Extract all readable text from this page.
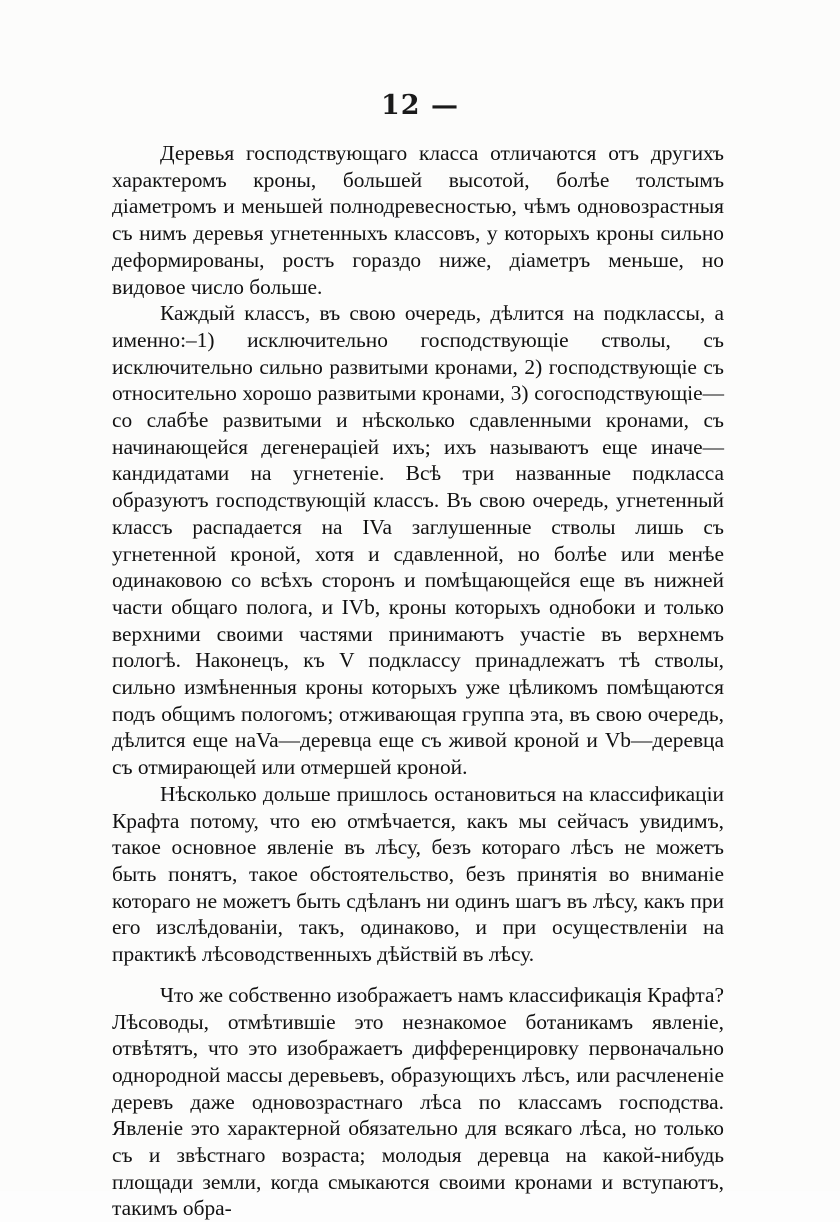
12 —

Деревья господствующаго класса отличаются отъ другихъ характеромъ кроны, большей высотой, болѣе толстымъ діаметромъ и меньшей полнодревесностью, чѣмъ одновозрастныя съ нимъ деревья угнетенныхъ классовъ, у которыхъ кроны сильно деформированы, ростъ гораздо ниже, діаметръ меньше, но видовое число больше.

Каждый классъ, въ свою очередь, дѣлится на подклассы, а именно:–1) исключительно господствующіе стволы, съ исключительно сильно развитыми кронами, 2) господствующіе съ относительно хорошо развитыми кронами, 3) согосподствующіе—со слабѣе развитыми и нѣсколько сдавленными кронами, съ начинающейся дегенераціей ихъ; ихъ называютъ еще иначе—кандидатами на угнетеніе. Всѣ три названные подкласса образуютъ господствующій классъ. Въ свою очередь, угнетенный классъ распадается на IVa заглушенные стволы лишь съ угнетенной кроной, хотя и сдавленной, но болѣе или менѣе одинаковою со всѣхъ сторонъ и помѣщающейся еще въ нижней части общаго полога, и IVb, кроны которыхъ однобоки и только верхними своими частями принимаютъ участіе въ верхнемъ пологѣ. Наконецъ, къ V подклассу принадлежатъ тѣ стволы, сильно измѣненныя кроны которыхъ уже цѣликомъ помѣщаются подъ общимъ пологомъ; отживающая группа эта, въ свою очередь, дѣлится еще наVa—деревца еще съ живой кроной и Vb—деревца съ отмирающей или отмершей кроной.

Нѣсколько дольше пришлось остановиться на классификаціи Крафта потому, что ею отмѣчается, какъ мы сейчасъ увидимъ, такое основное явленіе въ лѣсу, безъ котораго лѣсъ не можетъ быть понятъ, такое обстоятельство, безъ принятія во вниманіе котораго не можетъ быть сдѣланъ ни одинъ шагъ въ лѣсу, какъ при его изслѣдованіи, такъ, одинаково, и при осуществленіи на практикѣ лѣсоводственныхъ дѣйствій въ лѣсу.

Что же собственно изображаетъ намъ классификація Крафта? Лѣсоводы, отмѣтившіе это незнакомое ботаникамъ явленіе, отвѣтятъ, что это изображаетъ дифференцировку первоначально однородной массы деревьевъ, образующихъ лѣсъ, или расчлененіе деревъ даже одновозрастнаго лѣса по классамъ господства. Явленіе это характерной обязательно для всякаго лѣса, но только съ и звѣстнаго возраста; молодыя деревца на какой-нибудь площади земли, когда смыкаются своими кронами и вступаютъ, такимъ обра-
